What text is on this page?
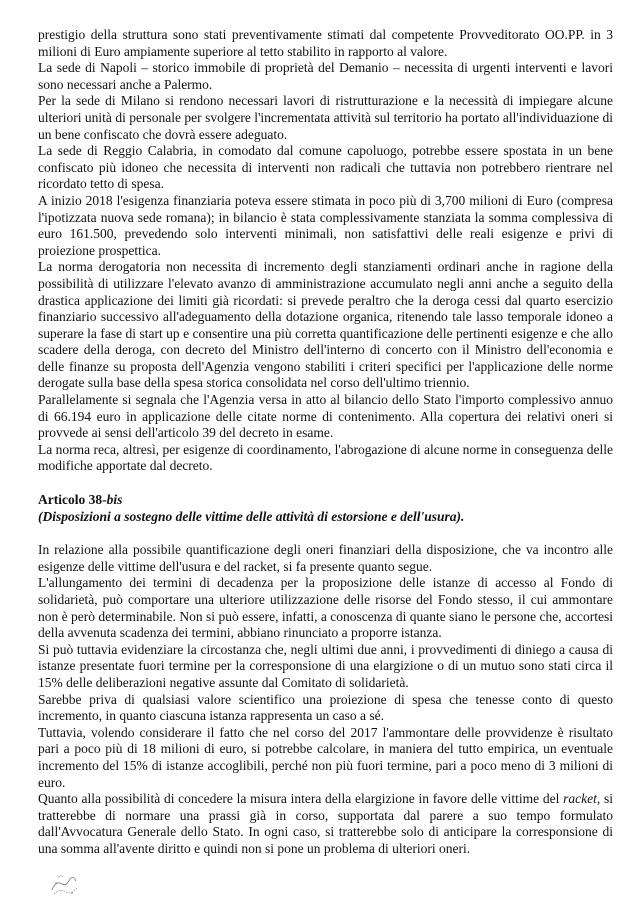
prestigio della struttura sono stati preventivamente stimati dal competente Provveditorato OO.PP. in 3 milioni di Euro ampiamente superiore al tetto stabilito in rapporto al valore.

La sede di Napoli – storico immobile di proprietà del Demanio – necessita di urgenti interventi e lavori sono necessari anche a Palermo.

Per la sede di Milano si rendono necessari lavori di ristrutturazione e la necessità di impiegare alcune ulteriori unità di personale per svolgere l'incrementata attività sul territorio ha portato all'individuazione di un bene confiscato che dovrà essere adeguato.

La sede di Reggio Calabria, in comodato dal comune capoluogo, potrebbe essere spostata in un bene confiscato più idoneo che necessita di interventi non radicali che tuttavia non potrebbero rientrare nel ricordato tetto di spesa.

A inizio 2018 l'esigenza finanziaria poteva essere stimata in poco più di 3,700 milioni di Euro (compresa l'ipotizzata nuova sede romana); in bilancio è stata complessivamente stanziata la somma complessiva di euro 161.500, prevedendo solo interventi minimali, non satisfattivi delle reali esigenze e privi di proiezione prospettica.

La norma derogatoria non necessita di incremento degli stanziamenti ordinari anche in ragione della possibilità di utilizzare l'elevato avanzo di amministrazione accumulato negli anni anche a seguito della drastica applicazione dei limiti già ricordati: si prevede peraltro che la deroga cessi dal quarto esercizio finanziario successivo all'adeguamento della dotazione organica, ritenendo tale lasso temporale idoneo a superare la fase di start up e consentire una più corretta quantificazione delle pertinenti esigenze e che allo scadere della deroga, con decreto del Ministro dell'interno di concerto con il Ministro dell'economia e delle finanze su proposta dell'Agenzia vengono stabiliti i criteri specifici per l'applicazione delle norme derogate sulla base della spesa storica consolidata nel corso dell'ultimo triennio.

Parallelamente si segnala che l'Agenzia versa in atto al bilancio dello Stato l'importo complessivo annuo di 66.194 euro in applicazione delle citate norme di contenimento. Alla copertura dei relativi oneri si provvede ai sensi dell'articolo 39 del decreto in esame.

La norma reca, altresì, per esigenze di coordinamento, l'abrogazione di alcune norme in conseguenza delle modifiche apportate dal decreto.

Articolo 38-bis

(Disposizioni a sostegno delle vittime delle attività di estorsione e dell'usura).

In relazione alla possibile quantificazione degli oneri finanziari della disposizione, che va incontro alle esigenze delle vittime dell'usura e del racket, si fa presente quanto segue.

L'allungamento dei termini di decadenza per la proposizione delle istanze di accesso al Fondo di solidarietà, può comportare una ulteriore utilizzazione delle risorse del Fondo stesso, il cui ammontare non è però determinabile. Non si può essere, infatti, a conoscenza di quante siano le persone che, accortesi della avvenuta scadenza dei termini, abbiano rinunciato a proporre istanza.

Si può tuttavia evidenziare la circostanza che, negli ultimi due anni, i provvedimenti di diniego a causa di istanze presentate fuori termine per la corresponsione di una elargizione o di un mutuo sono stati circa il 15% delle deliberazioni negative assunte dal Comitato di solidarietà.

Sarebbe priva di qualsiasi valore scientifico una proiezione di spesa che tenesse conto di questo incremento, in quanto ciascuna istanza rappresenta un caso a sé.

Tuttavia, volendo considerare il fatto che nel corso del 2017 l'ammontare delle provvidenze è risultato pari a poco più di 18 milioni di euro, si potrebbe calcolare, in maniera del tutto empirica, un eventuale incremento del 15% di istanze accoglibili, perché non più fuori termine, pari a poco meno di 3 milioni di euro.

Quanto alla possibilità di concedere la misura intera della elargizione in favore delle vittime del racket, si tratterebbe di normare una prassi già in corso, supportata dal parere a suo tempo formulato dall'Avvocatura Generale dello Stato. In ogni caso, si tratterebbe solo di anticipare la corresponsione di una somma all'avente diritto e quindi non si pone un problema di ulteriori oneri.
